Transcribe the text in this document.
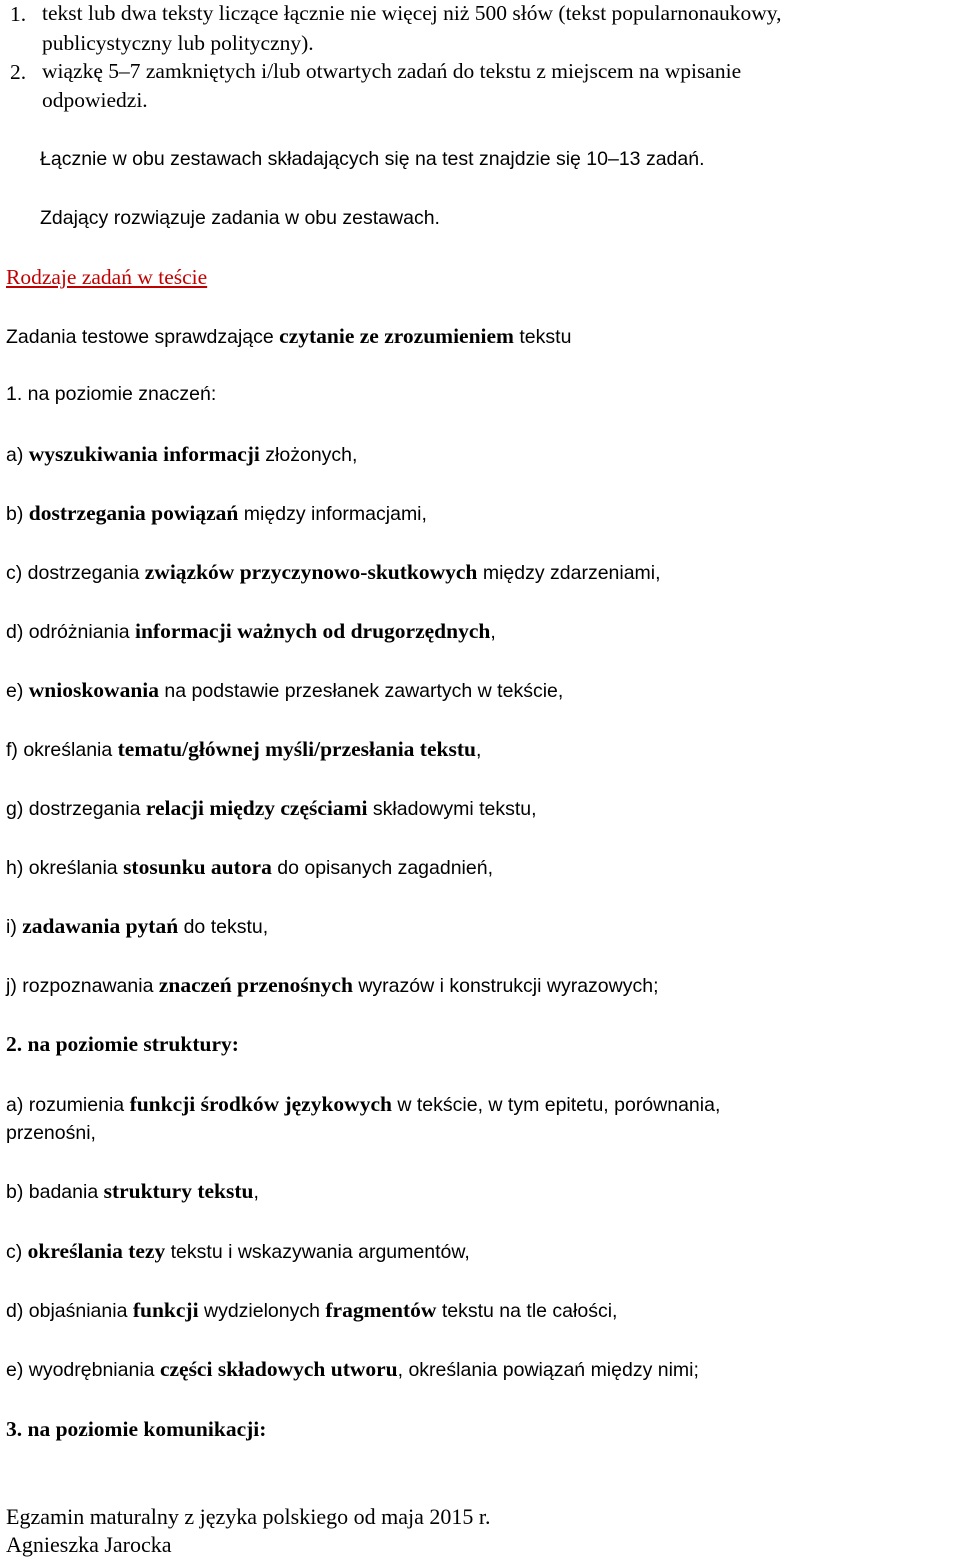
1. tekst lub dwa teksty liczące łącznie nie więcej niż 500 słów (tekst popularnonaukowy,
publicystyczny lub polityczny).
2. wiązkę 5–7 zamkniętych i/lub otwartych zadań do tekstu z miejscem na wpisanie
odpowiedzi.
Łącznie w obu zestawach składających się na test znajdzie się 10–13 zadań.
Zdający rozwiązuje zadania w obu zestawach.
Rodzaje zadań w teście
Zadania testowe sprawdzające czytanie ze zrozumieniem tekstu
1. na poziomie znaczeń:
a) wyszukiwania informacji złożonych,
b) dostrzegania powiązań między informacjami,
c) dostrzegania związków przyczynowo-skutkowych między zdarzeniami,
d) odróżniania informacji ważnych od drugorzędnych,
e) wnioskowania na podstawie przesłanek zawartych w tekście,
f) określania tematu/głównej myśli/przesłania tekstu,
g) dostrzegania relacji między częściami składowymi tekstu,
h) określania stosunku autora do opisanych zagadnień,
i) zadawania pytań do tekstu,
j) rozpoznawania znaczeń przenośnych wyrazów i konstrukcji wyrazowych;
2. na poziomie struktury:
a) rozumienia funkcji środków językowych w tekście, w tym epitetu, porównania,
przenośni,
b) badania struktury tekstu,
c) określania tezy tekstu i wskazywania argumentów,
d) objaśniania funkcji wydzielonych fragmentów tekstu na tle całości,
e) wyodrębniania części składowych utworu, określania powiązań między nimi;
3. na poziomie komunikacji:
Egzamin maturalny z języka polskiego od maja 2015 r.
Agnieszka Jarocka
